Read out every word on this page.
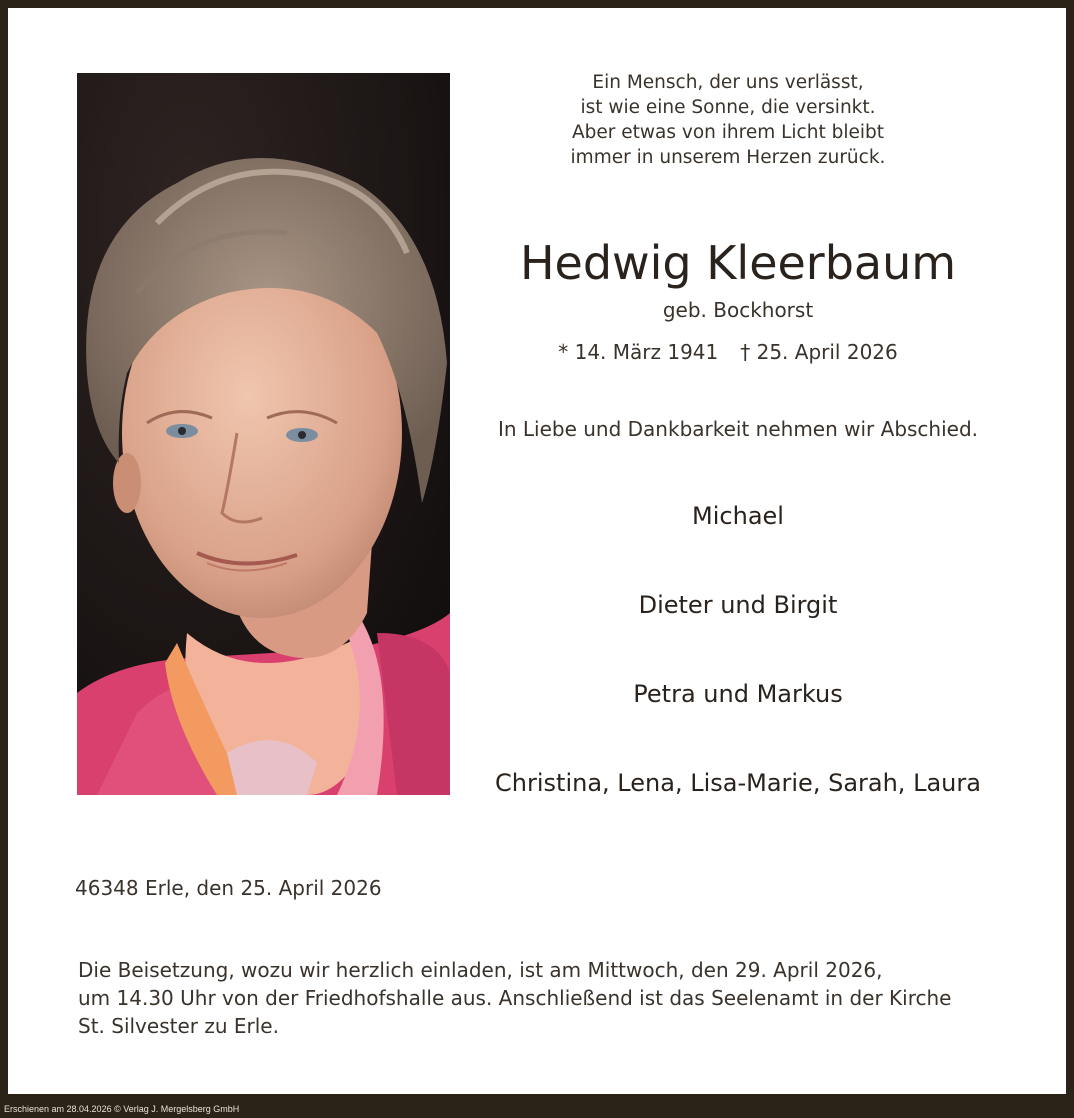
Ein Mensch, der uns verlässt,
ist wie eine Sonne, die versinkt.
Aber etwas von ihrem Licht bleibt
immer in unserem Herzen zurück.
Hedwig Kleerbaum
geb. Bockhorst
* 14. März 1941 † 25. April 2026
In Liebe und Dankbarkeit nehmen wir Abschied.
Michael
Dieter und Birgit
Petra und Markus
Christina, Lena, Lisa-Marie, Sarah, Laura
46348 Erle, den 25. April 2026
Die Beisetzung, wozu wir herzlich einladen, ist am Mittwoch, den 29. April 2026,
um 14.30 Uhr von der Friedhofshalle aus. Anschließend ist das Seelenamt in der Kirche
St. Silvester zu Erle.
Erschienen am 28.04.2026 © Verlag J. Mergelsberg GmbH
